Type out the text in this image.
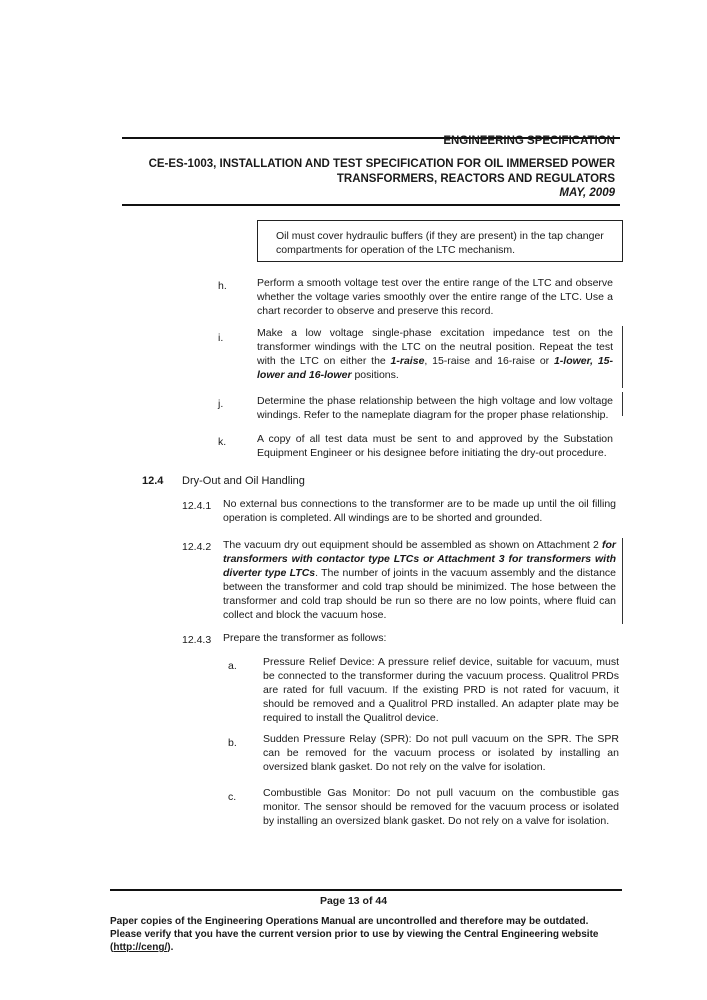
ENGINEERING SPECIFICATION
CE-ES-1003, INSTALLATION AND TEST SPECIFICATION FOR OIL IMMERSED POWER
TRANSFORMERS, REACTORS AND REGULATORS
MAY, 2009
Oil must cover hydraulic buffers (if they are present) in the tap changer compartments for operation of the LTC mechanism.
h.	Perform a smooth voltage test over the entire range of the LTC and observe whether the voltage varies smoothly over the entire range of the LTC. Use a chart recorder to observe and preserve this record.
i.	Make a low voltage single-phase excitation impedance test on the transformer windings with the LTC on the neutral position. Repeat the test with the LTC on either the 1-raise, 15-raise and 16-raise or 1-lower, 15-lower and 16-lower positions.
j.	Determine the phase relationship between the high voltage and low voltage windings. Refer to the nameplate diagram for the proper phase relationship.
k.	A copy of all test data must be sent to and approved by the Substation Equipment Engineer or his designee before initiating the dry-out procedure.
12.4 Dry-Out and Oil Handling
12.4.1 No external bus connections to the transformer are to be made up until the oil filling operation is completed. All windings are to be shorted and grounded.
12.4.2 The vacuum dry out equipment should be assembled as shown on Attachment 2 for transformers with contactor type LTCs or Attachment 3 for transformers with diverter type LTCs. The number of joints in the vacuum assembly and the distance between the transformer and cold trap should be minimized. The hose between the transformer and cold trap should be run so there are no low points, where fluid can collect and block the vacuum hose.
12.4.3 Prepare the transformer as follows:
a. Pressure Relief Device: A pressure relief device, suitable for vacuum, must be connected to the transformer during the vacuum process. Qualitrol PRDs are rated for full vacuum. If the existing PRD is not rated for vacuum, it should be removed and a Qualitrol PRD installed. An adapter plate may be required to install the Qualitrol device.
b. Sudden Pressure Relay (SPR): Do not pull vacuum on the SPR. The SPR can be removed for the vacuum process or isolated by installing an oversized blank gasket. Do not rely on the valve for isolation.
c.	Combustible Gas Monitor: Do not pull vacuum on the combustible gas monitor. The sensor should be removed for the vacuum process or isolated by installing an oversized blank gasket. Do not rely on a valve for isolation.
Page 13 of 44
Paper copies of the Engineering Operations Manual are uncontrolled and therefore may be outdated. Please verify that you have the current version prior to use by viewing the Central Engineering website (http://ceng/).
